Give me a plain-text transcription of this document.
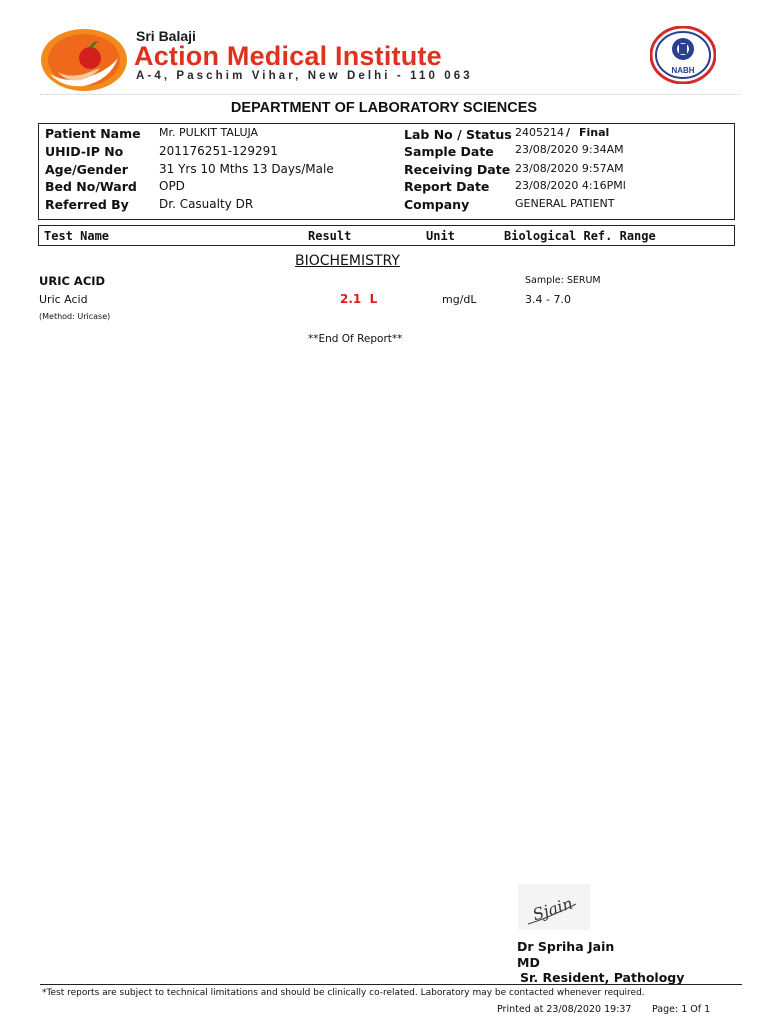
Sri Balaji
Action Medical Institute
A-4, Paschim Vihar, New Delhi - 110 063	NABH
DEPARTMENT OF LABORATORY SCIENCES
Patient Name Mr. PULKIT TALUJA
UHID-IP No	201176251-129291
Age/Gender	31 Yrs 10 Mths 13 Days/Male
Bed No/Ward OPD
Referred By	Dr. Casualty DR
Lab No / Status 2405214 / Final
Sample Date 23/08/2020 9:34AM
Receiving Date 23/08/2020 9:57AM
Report Date 23/08/2020 4:16PMl
Company	GENERAL PATIENT
Test Name	Result	Unit	Biological Ref. Range
BIOCHEMISTRY
URIC ACID	Sample: SERUM
Uric Acid	2.1  L	mg/dL	3.4 - 7.0
(Method: Uricase)
**End Of Report**
Sjain
Dr Spriha Jain
MD
Sr. Resident, Pathology
*Test reports are subject to technical limitations and should be clinically co-related. Laboratory may be contacted whenever required.
Printed at 23/08/2020 19:37 Page: 1 Of 1
